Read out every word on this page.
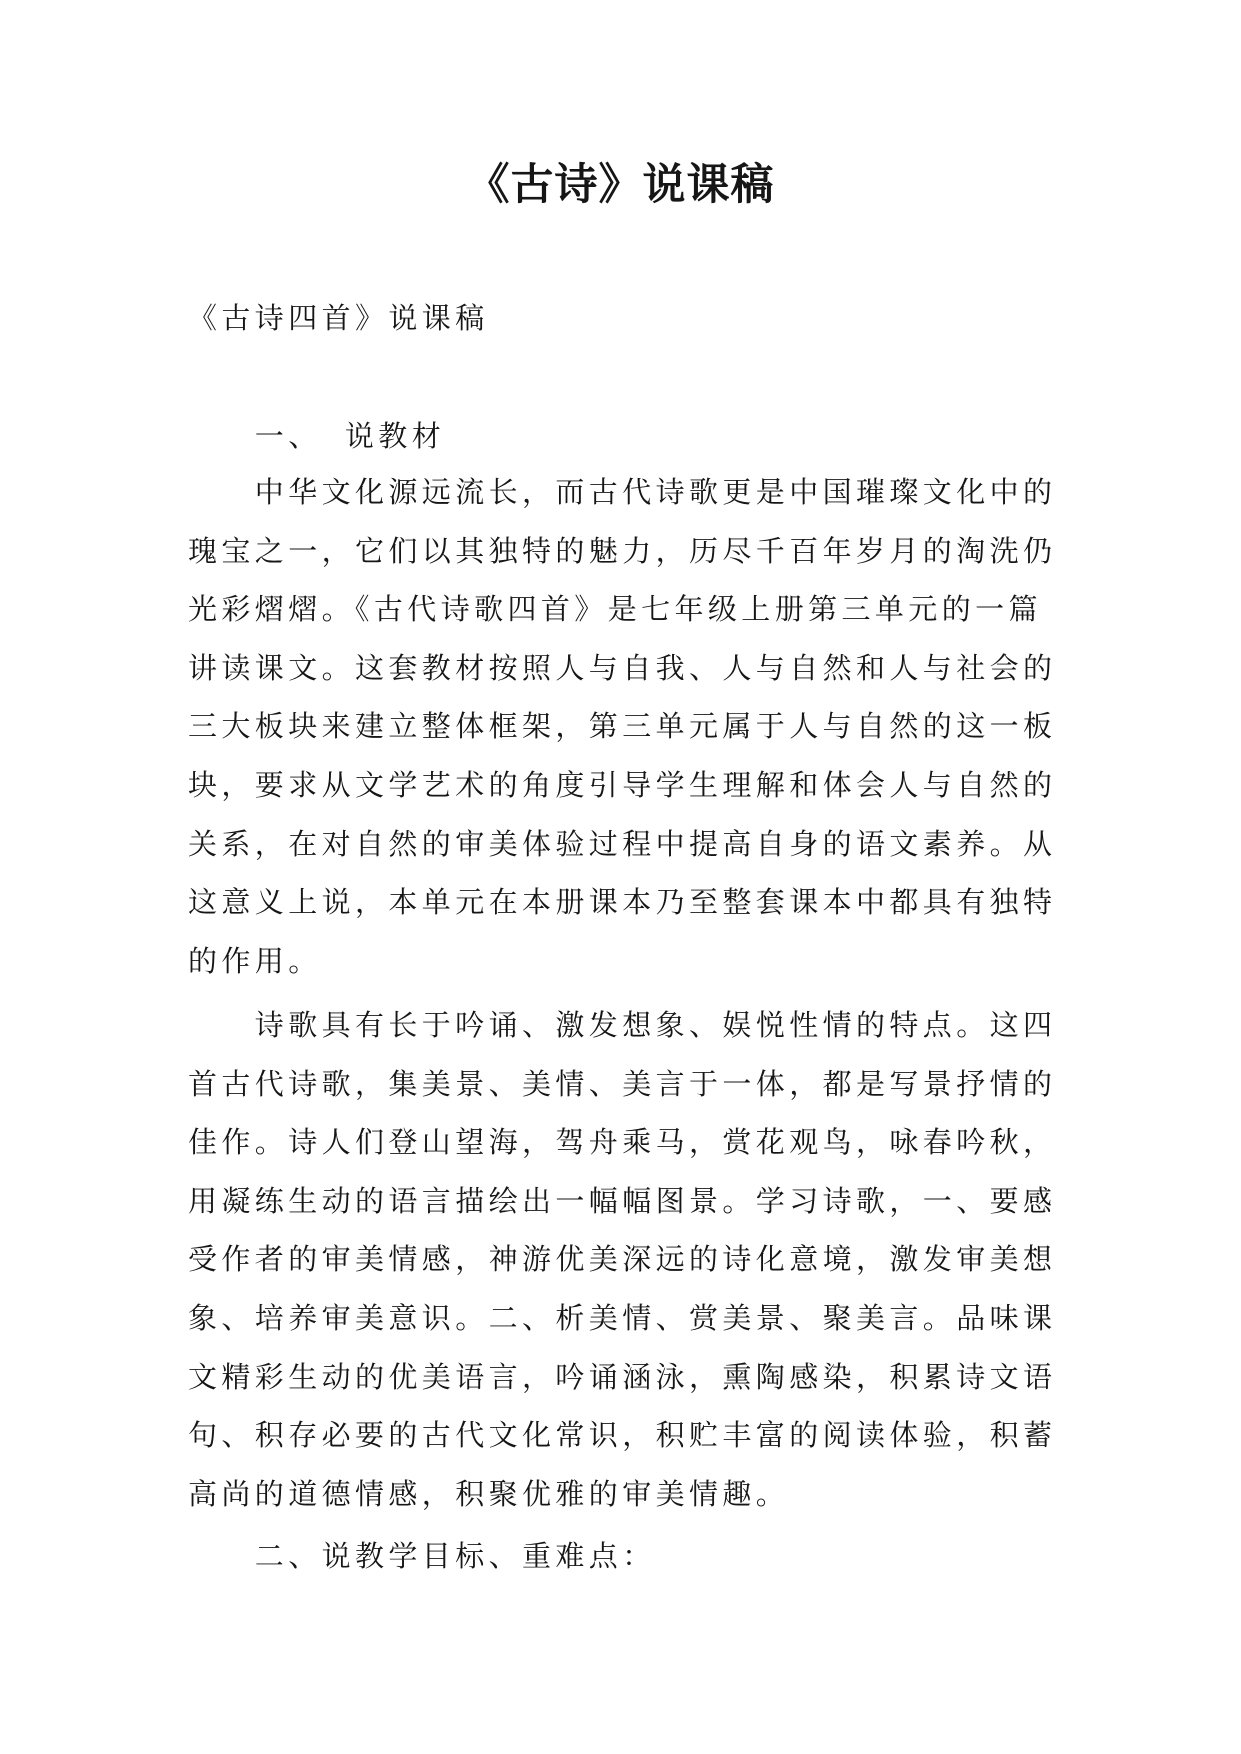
《古诗》说课稿
《古诗四首》说课稿
一、  说教材
中华文化源远流长，而古代诗歌更是中国璀璨文化中的
瑰宝之一，它们以其独特的魅力，历尽千百年岁月的淘洗仍
光彩熠熠。《古代诗歌四首》是七年级上册第三单元的一篇
讲读课文。这套教材按照人与自我、人与自然和人与社会的
三大板块来建立整体框架，第三单元属于人与自然的这一板
块，要求从文学艺术的角度引导学生理解和体会人与自然的
关系，在对自然的审美体验过程中提高自身的语文素养。从
这意义上说，本单元在本册课本乃至整套课本中都具有独特
的作用。
诗歌具有长于吟诵、激发想象、娱悦性情的特点。这四
首古代诗歌，集美景、美情、美言于一体，都是写景抒情的
佳作。诗人们登山望海，驾舟乘马，赏花观鸟，咏春吟秋，
用凝练生动的语言描绘出一幅幅图景。学习诗歌，一、要感
受作者的审美情感，神游优美深远的诗化意境，激发审美想
象、培养审美意识。二、析美情、赏美景、聚美言。品味课
文精彩生动的优美语言，吟诵涵泳，熏陶感染，积累诗文语
句、积存必要的古代文化常识，积贮丰富的阅读体验，积蓄
高尚的道德情感，积聚优雅的审美情趣。
二、说教学目标、重难点：
